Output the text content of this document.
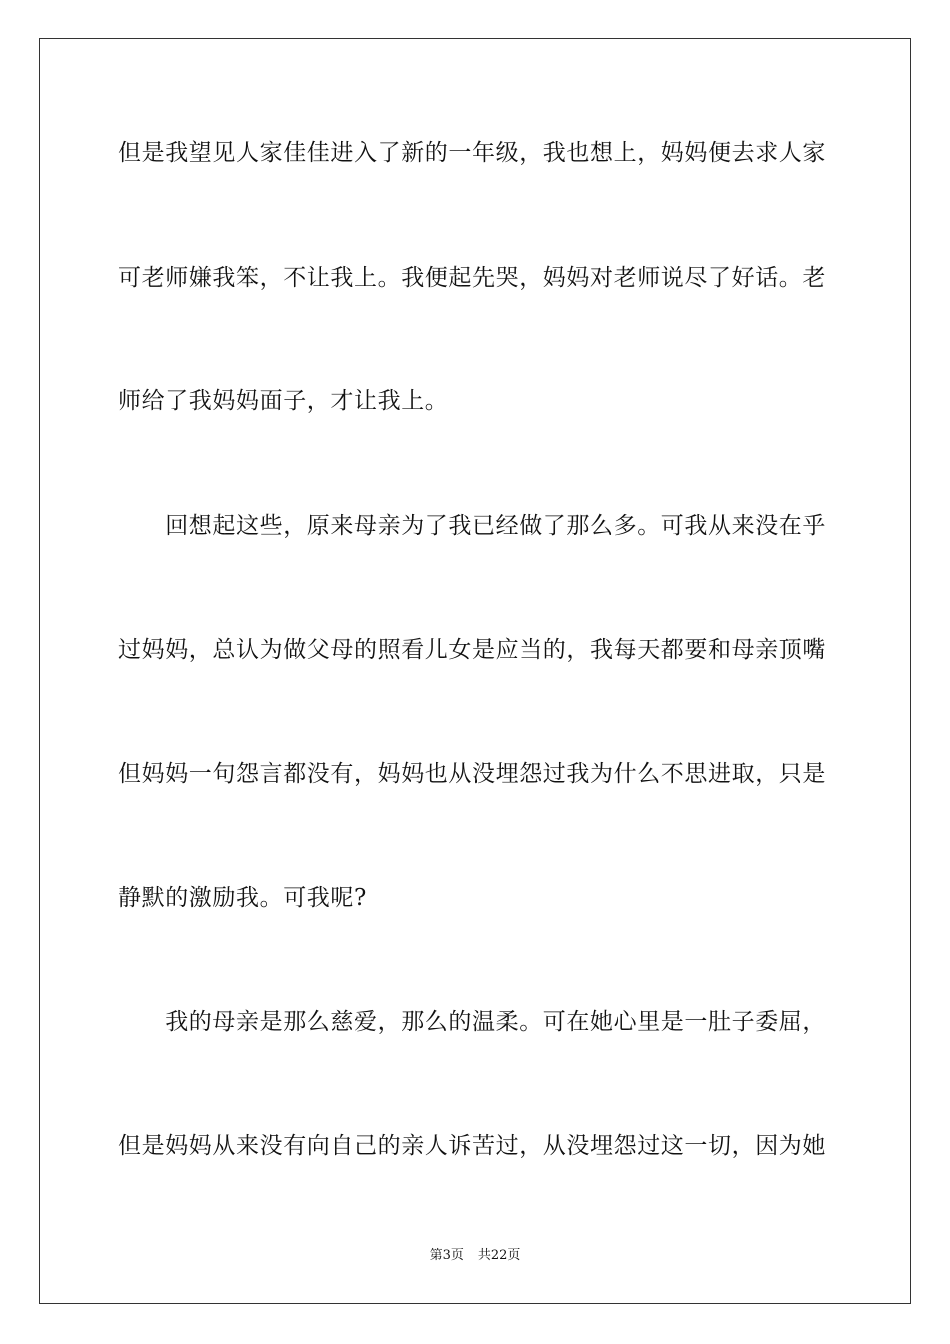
但是我望见人家佳佳进入了新的一年级，我也想上，妈妈便去求人家
可老师嫌我笨，不让我上。我便起先哭，妈妈对老师说尽了好话。老
师给了我妈妈面子，才让我上。
　　回想起这些，原来母亲为了我已经做了那么多。可我从来没在乎
过妈妈，总认为做父母的照看儿女是应当的，我每天都要和母亲顶嘴
但妈妈一句怨言都没有，妈妈也从没埋怨过我为什么不思进取，只是
静默的激励我。可我呢?
　　我的母亲是那么慈爱，那么的温柔。可在她心里是一肚子委屈，
但是妈妈从来没有向自己的亲人诉苦过，从没埋怨过这一切，因为她
第3页 共22页
